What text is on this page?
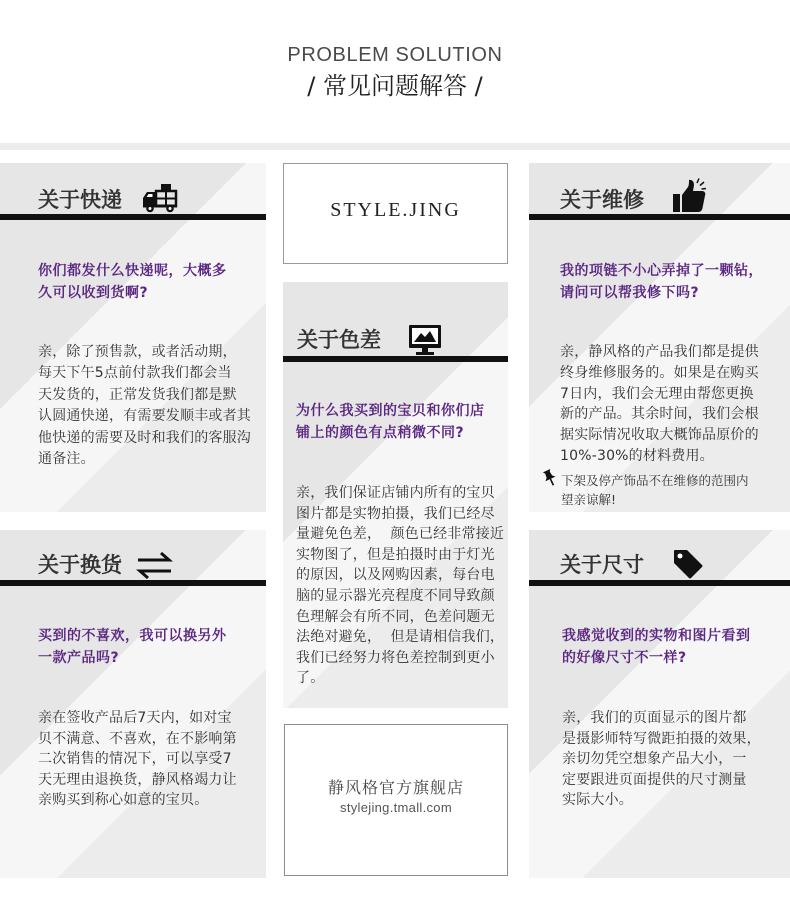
PROBLEM SOLUTION
/ 常见问题解答 /
关于快递
你们都发什么快递呢，大概多
久可以收到货啊?
亲，除了预售款，或者活动期，
每天下午5点前付款我们都会当
天发货的，正常发货我们都是默
认圆通快递，有需要发顺丰或者其
他快递的需要及时和我们的客服沟
通备注。
关于换货
买到的不喜欢，我可以换另外
一款产品吗?
亲在签收产品后7天内，如对宝
贝不满意、不喜欢，在不影响第
二次销售的情况下，可以享受7
天无理由退换货，静风格竭力让
亲购买到称心如意的宝贝。
STYLE.JING
关于色差
为什么我买到的宝贝和你们店
铺上的颜色有点稍微不同?
亲，我们保证店铺内所有的宝贝
图片都是实物拍摄，我们已经尽
量避免色差，  颜色已经非常接近
实物图了，但是拍摄时由于灯光
的原因，以及网购因素，每台电
脑的显示器光亮程度不同导致颜
色理解会有所不同，色差问题无
法绝对避免，  但是请相信我们，
我们已经努力将色差控制到更小
了。
静风格官方旗舰店
stylejing.tmall.com
关于维修
我的项链不小心弄掉了一颗钻，
请问可以帮我修下吗?
亲，静风格的产品我们都是提供
终身维修服务的。如果是在购买
7日内，我们会无理由帮您更换
新的产品。其余时间，我们会根
据实际情况收取大概饰品原价的
10%-30%的材料费用。
下架及停产饰品不在维修的范围内
望亲谅解!
关于尺寸
我感觉收到的实物和图片看到
的好像尺寸不一样?
亲，我们的页面显示的图片都
是摄影师特写微距拍摄的效果，
亲切勿凭空想象产品大小，一
定要跟进页面提供的尺寸测量
实际大小。
